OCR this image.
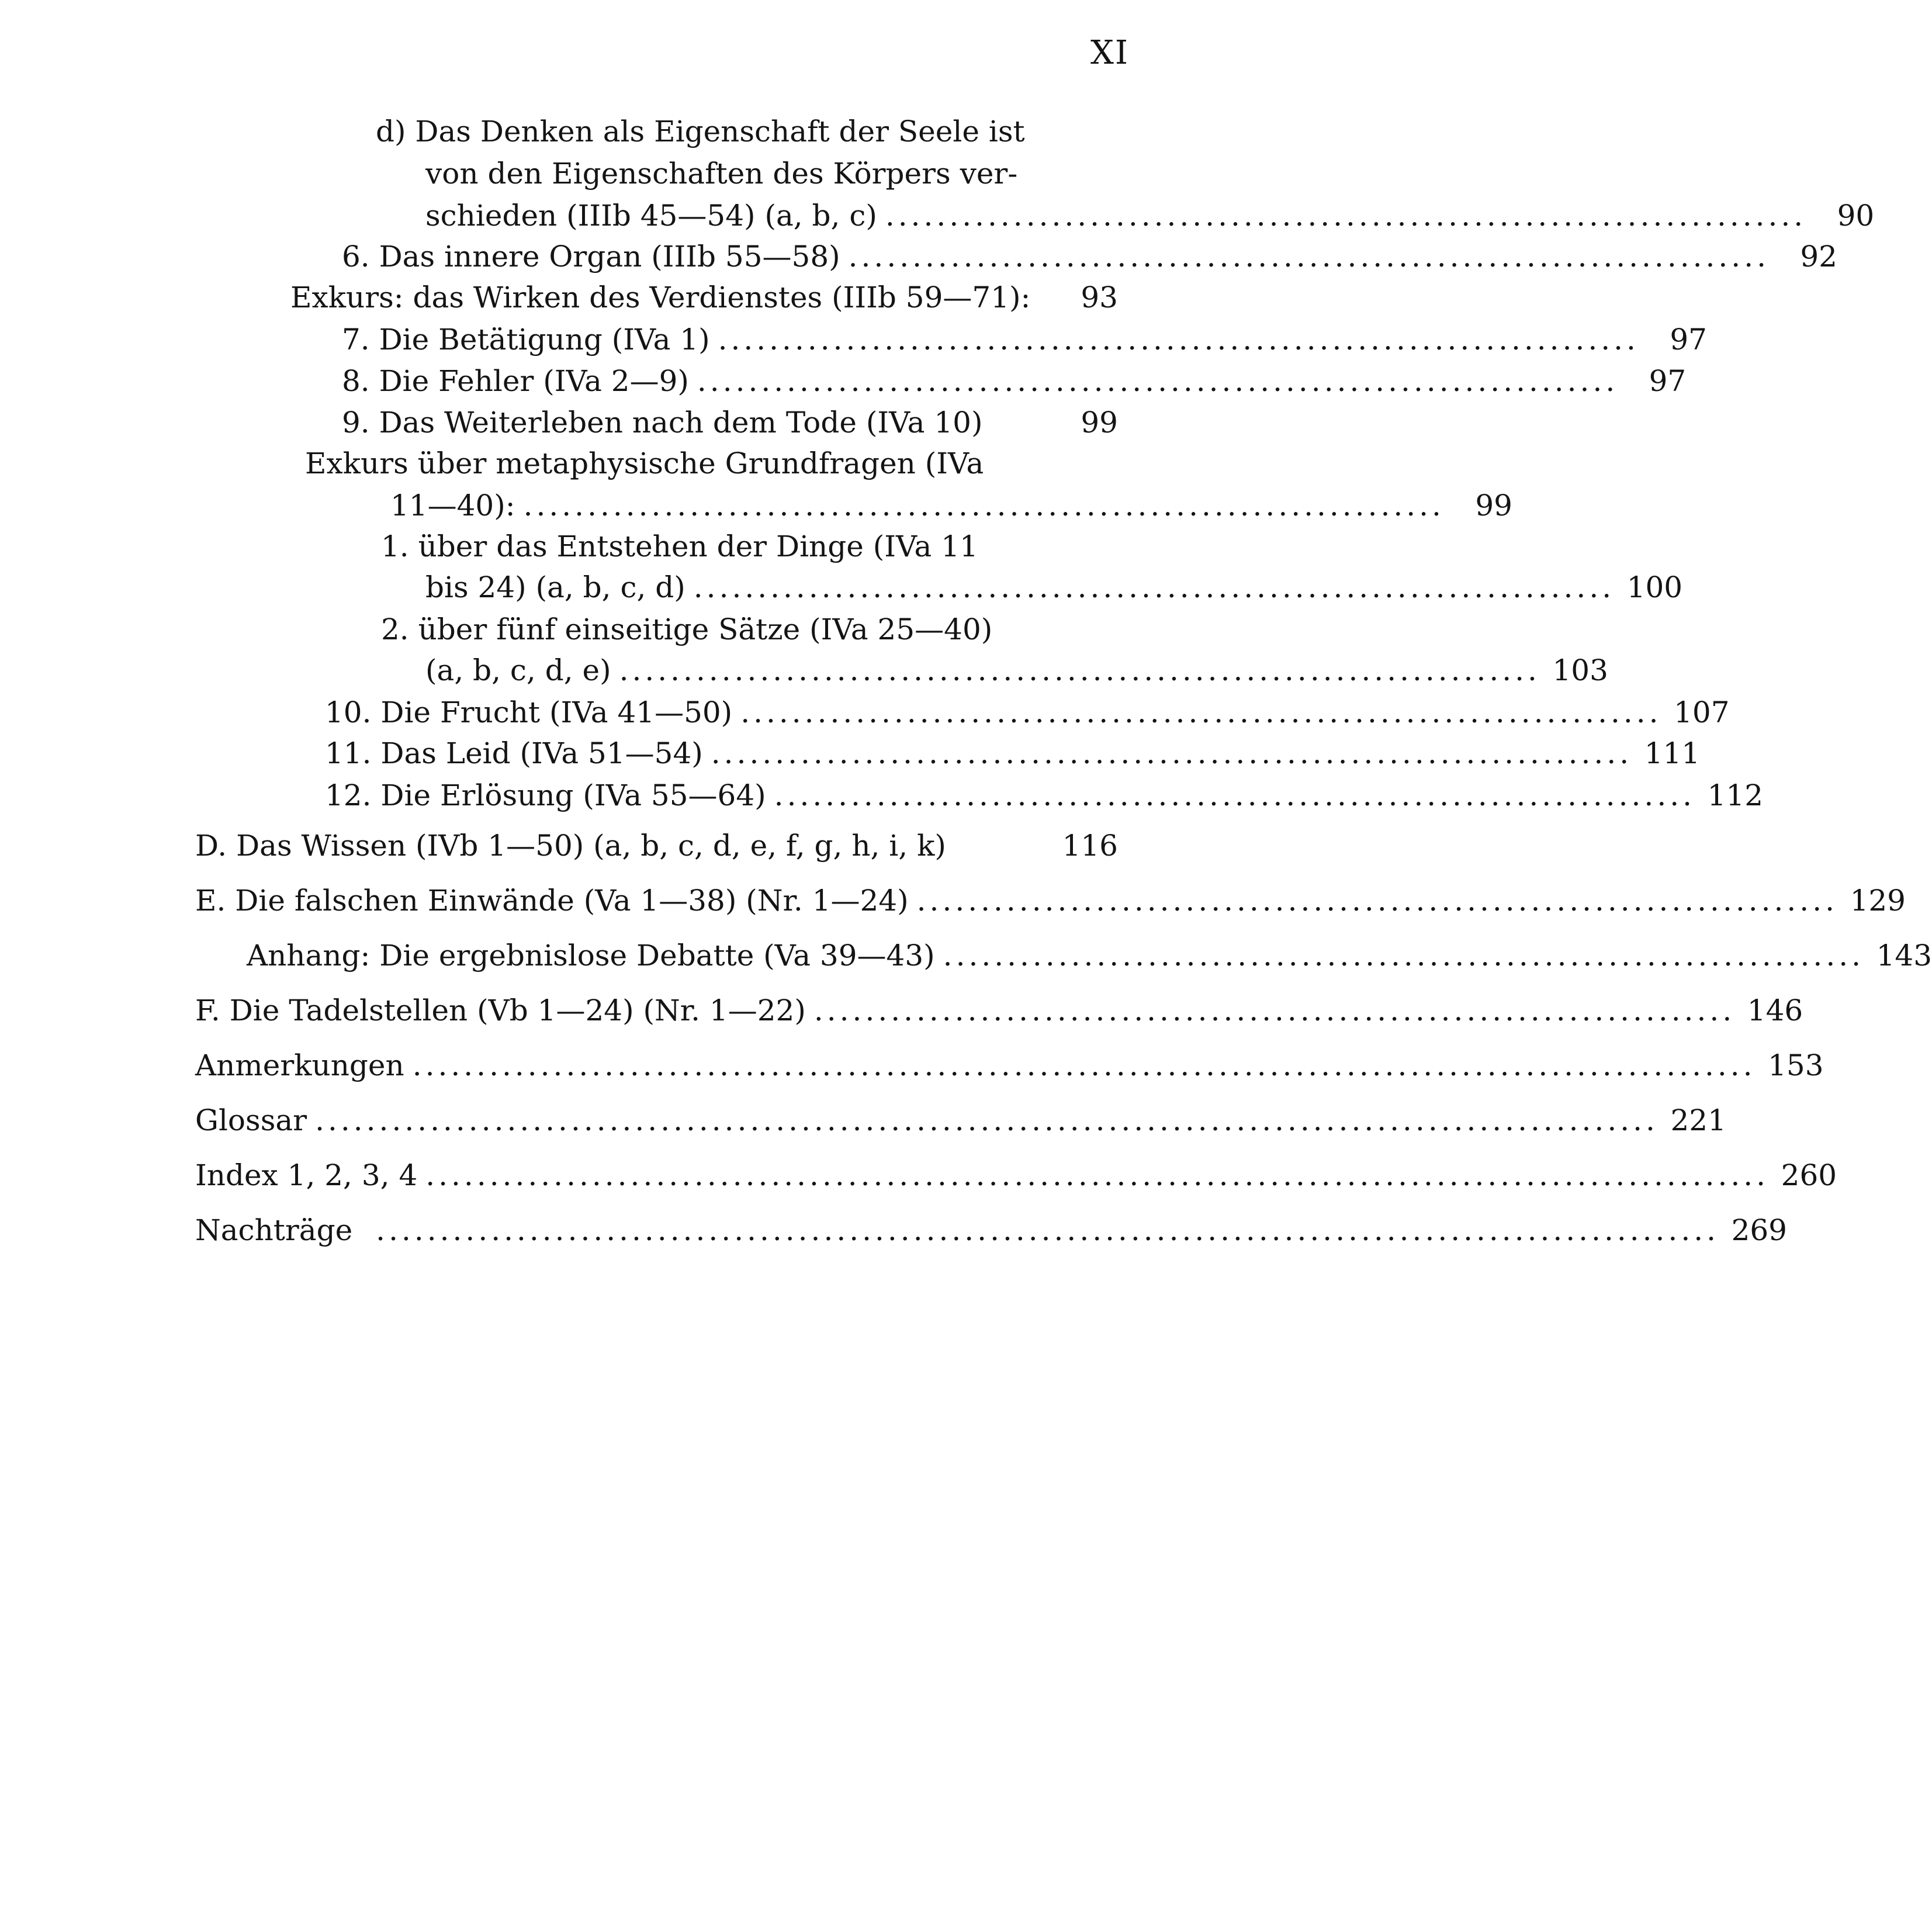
XI
d) Das Denken als Eigenschaft der Seele ist
von den Eigenschaften des Körpers ver-
schieden (IIIb 45—54) (a, b, c) ........................................................................	90
6. Das innere Organ (IIIb 55—58) ........................................................................	92
Exkurs: das Wirken des Verdienstes (IIIb 59—71):	93
7. Die Betätigung (IVa 1) ........................................................................	97
8. Die Fehler (IVa 2—9) ........................................................................	97
9. Das Weiterleben nach dem Tode (IVa 10)	99
Exkurs über metaphysische Grundfragen (IVa
11—40): ........................................................................	99
1. über das Entstehen der Dinge (IVa 11
bis 24) (a, b, c, d) ........................................................................ 100
2. über fünf einseitige Sätze (IVa 25—40)
(a, b, c, d, e) ........................................................................ 103
10. Die Frucht (IVa 41—50) ........................................................................ 107
11. Das Leid (IVa 51—54) ........................................................................ 111
12. Die Erlösung (IVa 55—64) ........................................................................ 112
D. Das Wissen (IVb 1—50) (a, b, c, d, e, f, g, h, i, k)	116
E. Die falschen Einwände (Va 1—38) (Nr. 1—24) ........................................................................ 129
Anhang: Die ergebnislose Debatte (Va 39—43) ........................................................................ 143
F. Die Tadelstellen (Vb 1—24) (Nr. 1—22) ........................................................................ 146
Anmerkungen ......................................................................................................... 153
Glossar ......................................................................................................... 221
Index 1, 2, 3, 4 ......................................................................................................... 260
Nachträge ......................................................................................................... 269
